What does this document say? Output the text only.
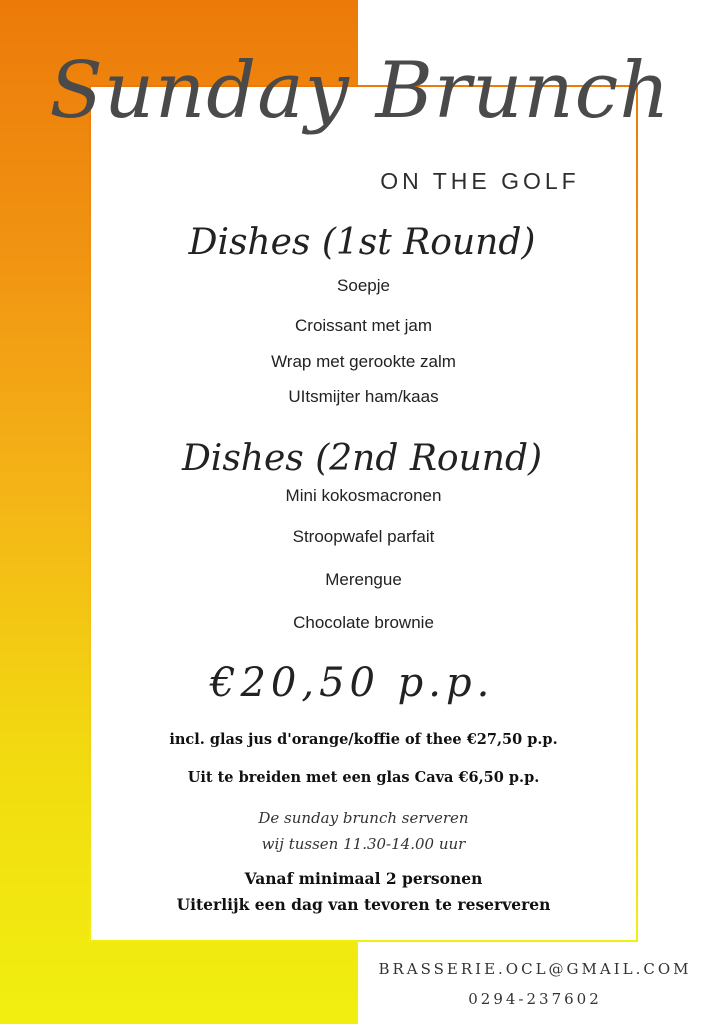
Sunday Brunch
ON THE GOLF
Dishes (1st Round)
Soepje
Croissant met jam
Wrap met gerookte zalm
UItsmijter ham/kaas
Dishes (2nd Round)
Mini kokosmacronen
Stroopwafel parfait
Merengue
Chocolate brownie
€20,50 p.p.
incl. glas jus d'orange/koffie of thee €27,50 p.p.
Uit te breiden met een glas Cava €6,50 p.p.
De sunday brunch serveren
wij tussen 11.30-14.00 uur
Vanaf minimaal 2 personen
Uiterlijk een dag van tevoren te reserveren
BRASSERIE.OCL@GMAIL.COM
0294-237602
